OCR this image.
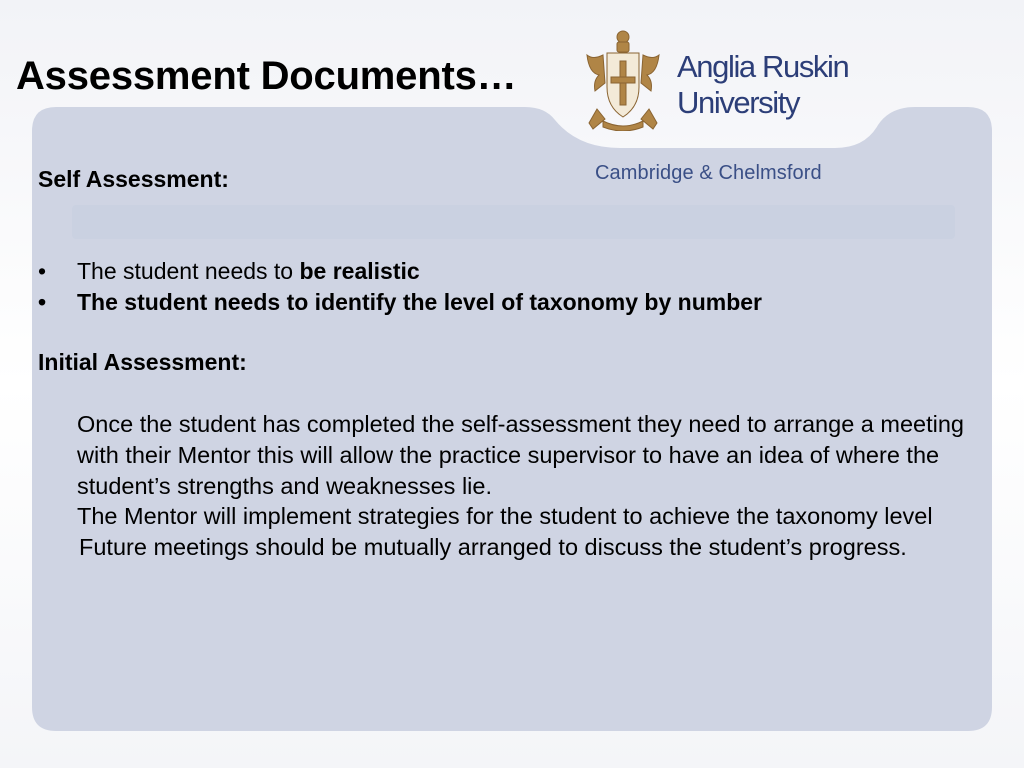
Assessment Documents…	Anglia Ruskin
University
Cambridge & Chelmsford
Self Assessment:
• The student needs to be realistic
• The student needs to identify the level of taxonomy by number
Initial Assessment:
Once the student has completed the self-assessment they need to arrange a meeting with their Mentor this will allow the practice supervisor to have an idea of where the student’s strengths and weaknesses lie.
The Mentor will implement strategies for the student to achieve the taxonomy level
Future meetings should be mutually arranged to discuss the student’s progress.
